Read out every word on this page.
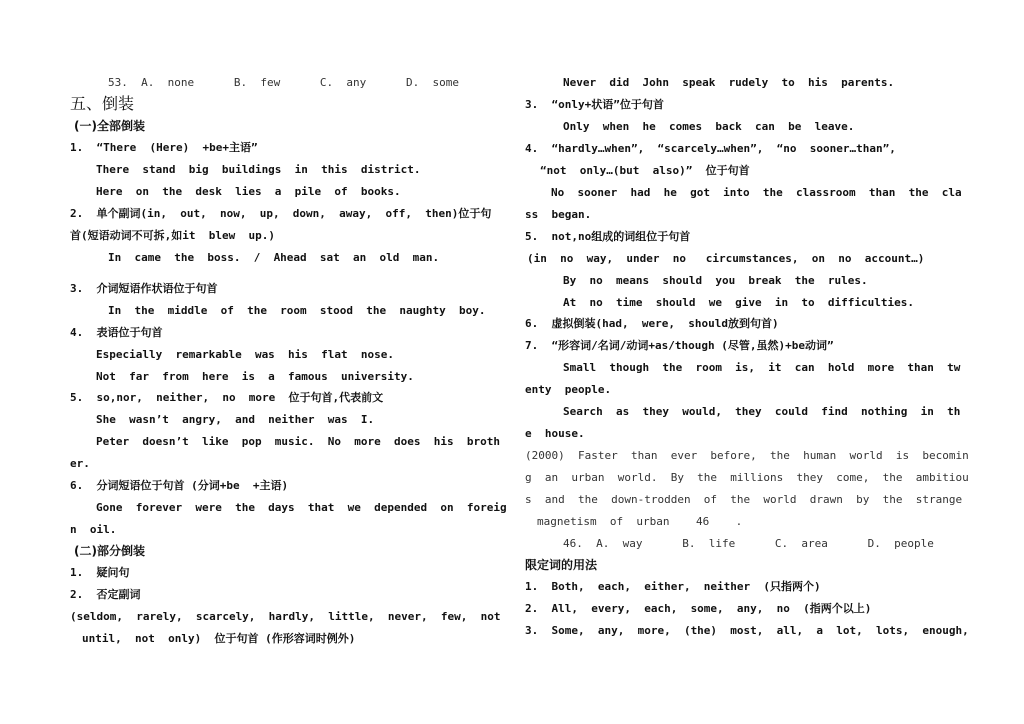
53.  A.  none      B.  few      C.  any      D.  some
五、倒装
(一)全部倒装
1.  “There  (Here)  +be+主语”
There  stand  big  buildings  in  this  district.
Here  on  the  desk  lies  a  pile  of  books.
2.  单个副词(in,  out,  now,  up,  down,  away,  off,  then)位于句
首(短语动词不可拆,如it  blew  up.)
In  came  the  boss.  /  Ahead  sat  an  old  man.
3.  介词短语作状语位于句首
In  the  middle  of  the  room  stood  the  naughty  boy.
4.  表语位于句首
Especially  remarkable  was  his  flat  nose.
Not  far  from  here  is  a  famous  university.
5.  so,nor,  neither,  no  more  位于句首,代表前文
She  wasn’t  angry,  and  neither  was  I.
Peter  doesn’t  like  pop  music.  No  more  does  his  broth
er.
6.  分词短语位于句首 (分词+be  +主语)
Gone  forever  were  the  days  that  we  depended  on  foreig
n  oil.
(二)部分倒装
1.  疑问句
2.  否定副词
(seldom,  rarely,  scarcely,  hardly,  little,  never,  few,  not
until,  not  only)  位于句首 (作形容词时例外)
Never  did  John  speak  rudely  to  his  parents.
3.  “only+状语”位于句首
Only  when  he  comes  back  can  be  leave.
4.  “hardly…when”,  “scarcely…when”,  “no  sooner…than”,
“not  only…(but  also)”  位于句首
No  sooner  had  he  got  into  the  classroom  than  the  cla
ss  began.
5.  not,no组成的词组位于句首
(in  no  way,  under  no   circumstances,  on  no  account…)
By  no  means  should  you  break  the  rules.
At  no  time  should  we  give  in  to  difficulties.
6.  虚拟倒装(had,  were,  should放到句首)
7.  “形容词/名词/动词+as/though (尽管,虽然)+be动词”
Small  though  the  room  is,  it  can  hold  more  than  tw
enty  people.
Search  as  they  would,  they  could  find  nothing  in  th
e  house.
(2000)  Faster  than  ever  before,  the  human  world  is  becomin
g  an  urban  world.  By  the  millions  they  come,  the  ambitiou
s  and  the  down-trodden  of  the  world  drawn  by  the  strange
magnetism  of  urban    46    .
46.  A.  way      B.  life      C.  area      D.  people
限定词的用法
1.  Both,  each,  either,  neither  (只指两个)
2.  All,  every,  each,  some,  any,  no  (指两个以上)
3.  Some,  any,  more,  (the)  most,  all,  a  lot,  lots,  enough,
